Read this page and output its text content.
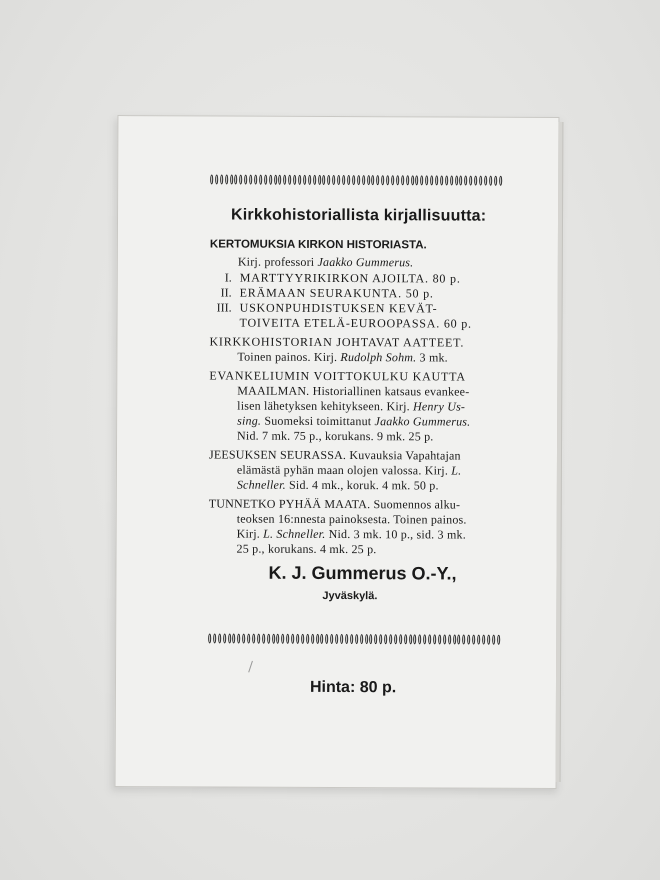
Kirkkohistoriallista kirjallisuutta:
KERTOMUKSIA KIRKON HISTORIASTA.
Kirj. professori Jaakko Gummerus.
I. MARTTYYRIKIRKON AJOILTA. 80 p.
II. ERÄMAAN SEURAKUNTA. 50 p.
III. USKONPUHDISTUKSEN KEVÄT-
TOIVEITA ETELÄ-EUROOPASSA. 60 p.
KIRKKOHISTORIAN JOHTAVAT AATTEET.
Toinen painos. Kirj. Rudolph Sohm. 3 mk.
EVANKELIUMIN VOITTOKULKU KAUTTA
MAAILMAN. Historiallinen katsaus evankee-
lisen lähetyksen kehitykseen. Kirj. Henry Us-
sing. Suomeksi toimittanut Jaakko Gummerus.
Nid. 7 mk. 75 p., korukans. 9 mk. 25 p.
JEESUKSEN SEURASSA. Kuvauksia Vapahtajan
elämästä pyhän maan olojen valossa. Kirj. L.
Schneller. Sid. 4 mk., koruk. 4 mk. 50 p.
TUNNETKO PYHÄÄ MAATA. Suomennos alku-
teoksen 16:nnesta painoksesta. Toinen painos.
Kirj. L. Schneller. Nid. 3 mk. 10 p., sid. 3 mk.
25 p., korukans. 4 mk. 25 p.
K. J. Gummerus O.-Y.,
Jyväskylä.
Hinta: 80 p.
